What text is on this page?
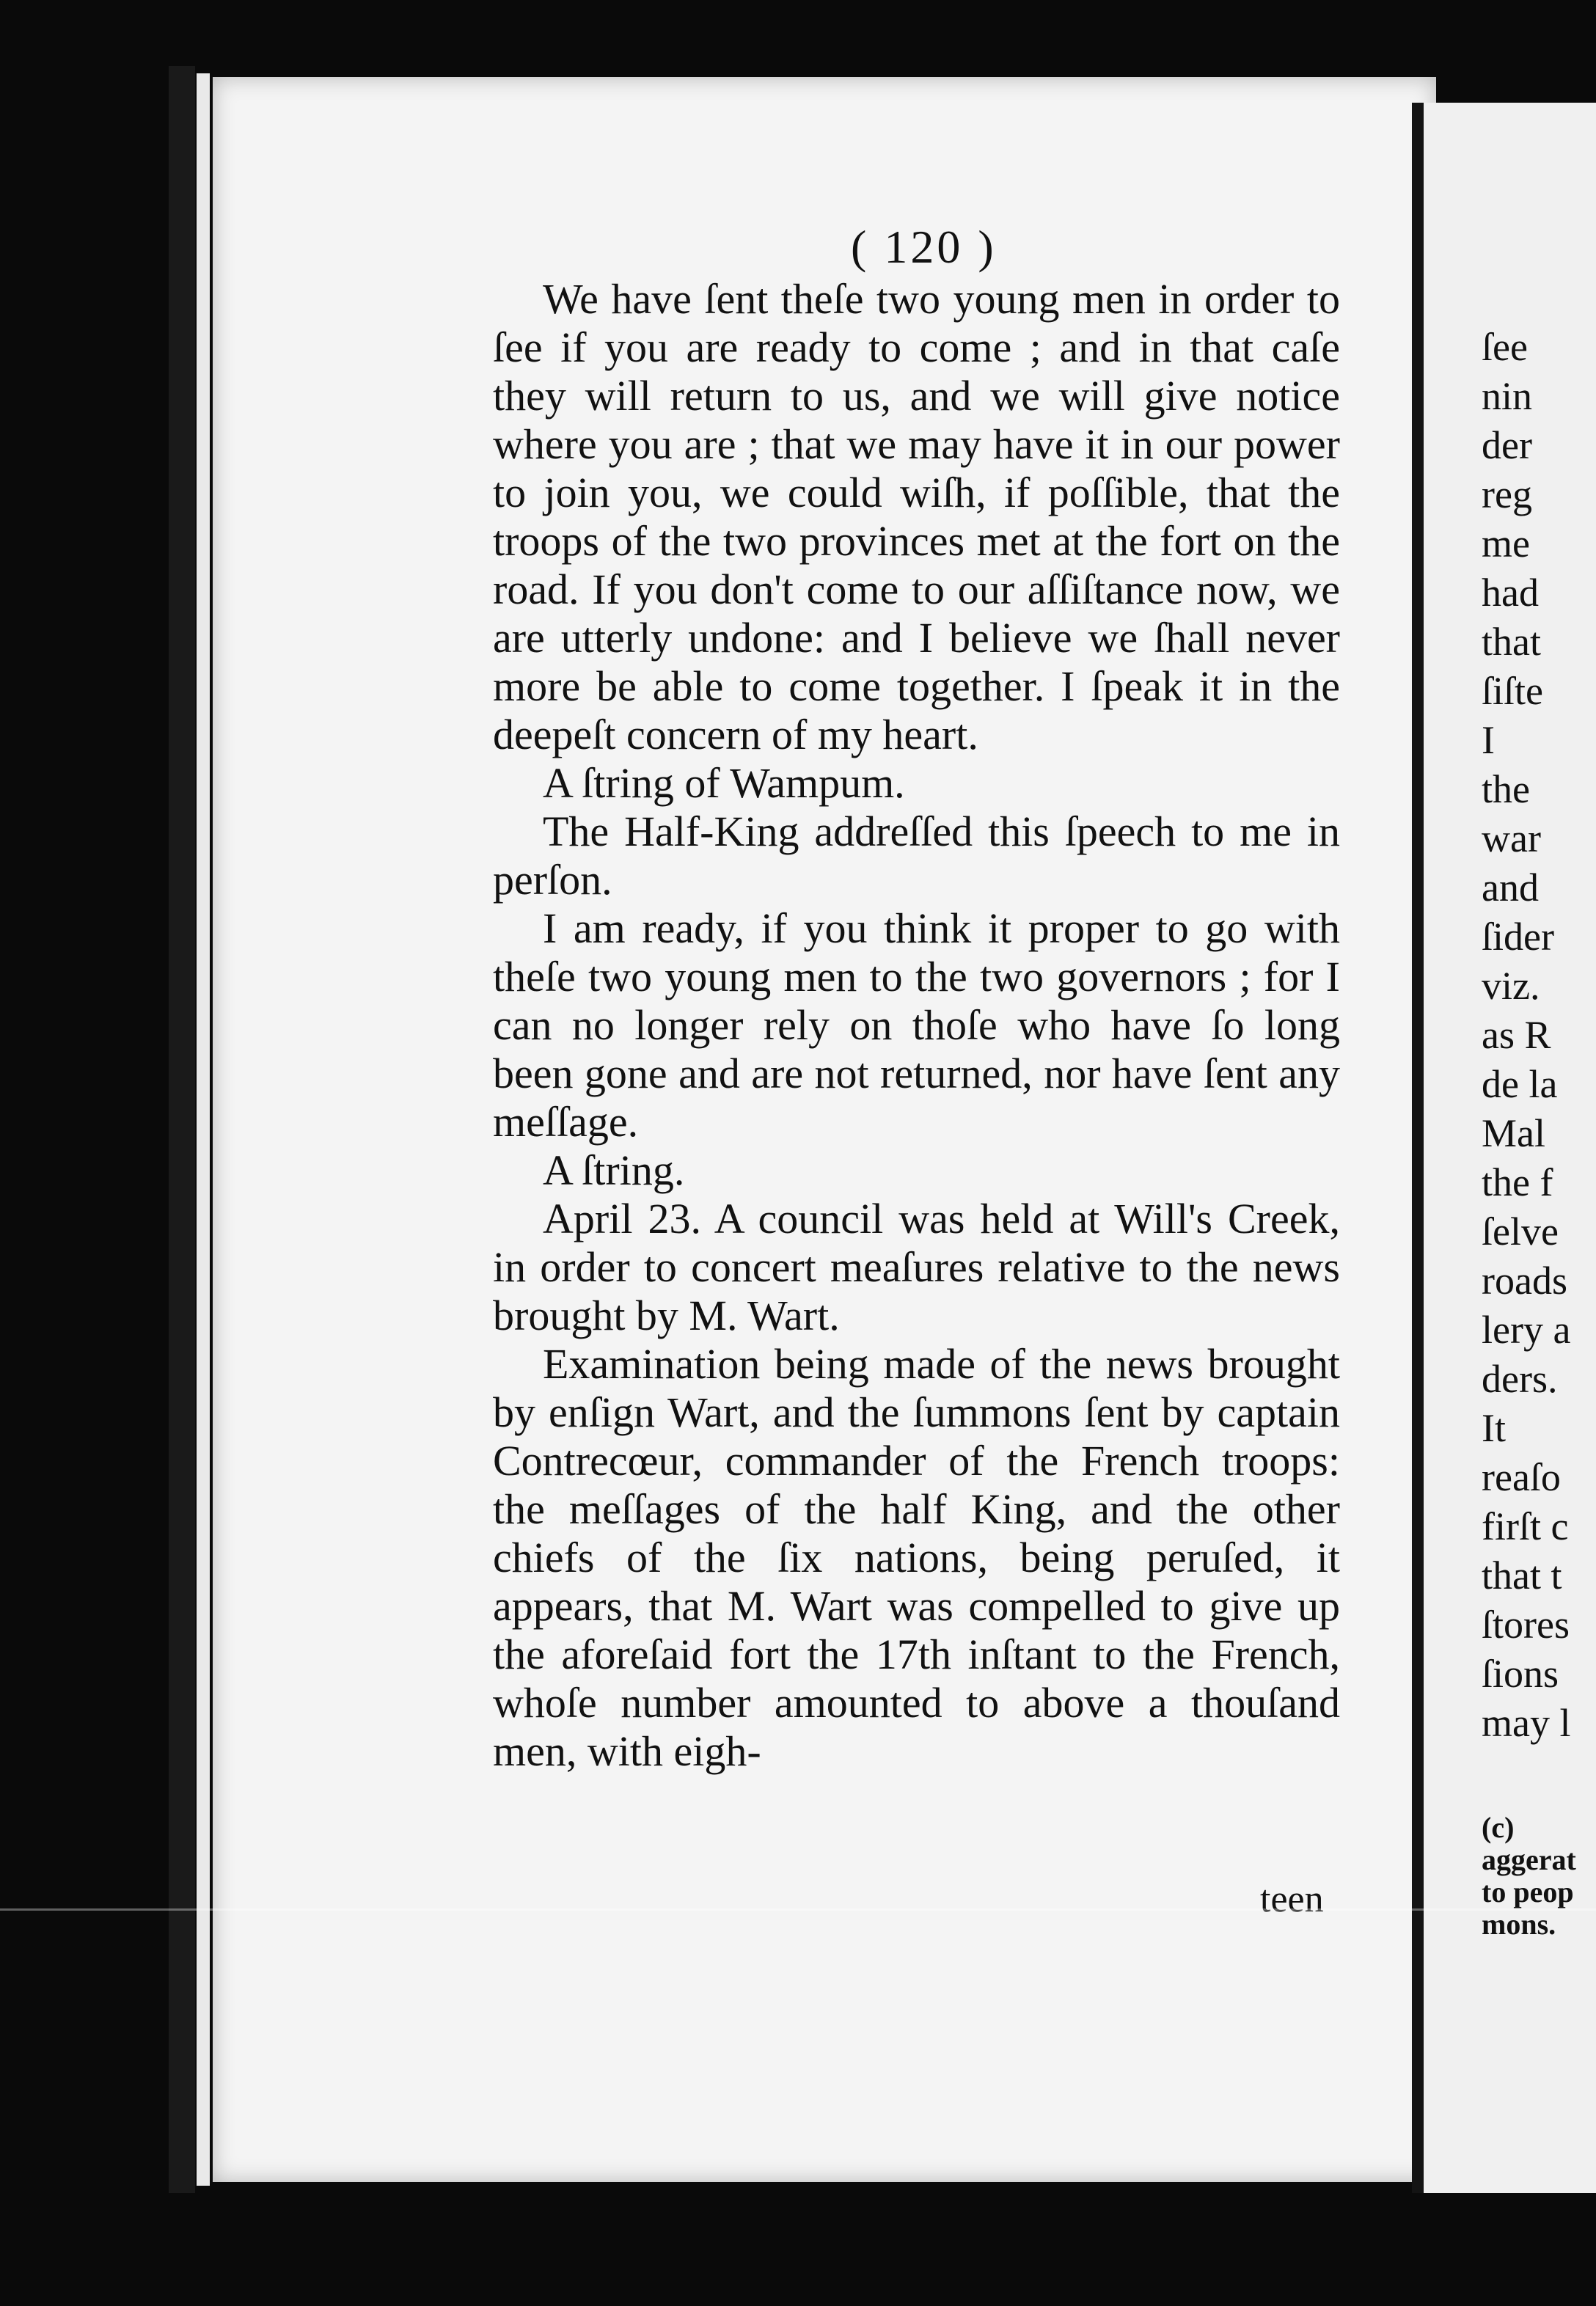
( 120 )

We have ſent theſe two young men in order to ſee if you are ready to come ; and in that caſe they will return to us, and we will give notice where you are ; that we may have it in our power to join you, we could wiſh, if poſſible, that the troops of the two provinces met at the fort on the road. If you don't come to our aſſiſtance now, we are utterly undone: and I believe we ſhall never more be able to come together. I ſpeak it in the deepeſt concern of my heart.

A ſtring of Wampum.

The Half-King addreſſed this ſpeech to me in perſon.

I am ready, if you think it proper to go with theſe two young men to the two governors ; for I can no longer rely on thoſe who have ſo long been gone and are not returned, nor have ſent any meſſage.

A ſtring.

April 23. A council was held at Will's Creek, in order to concert meaſures relative to the news brought by M. Wart.

Examination being made of the news brought by enſign Wart, and the ſummons ſent by captain Contrecœur, commander of the French troops: the meſſages of the half King, and the other chiefs of the ſix nations, being peruſed, it appears, that M. Wart was compelled to give up the aforeſaid fort the 17th inſtant to the French, whoſe number amounted to above a thouſand men, with eigh-

teen
ſee
nin
der
reg
me
had
that
ſiſte
I
the
war
and
ſider
viz.
as R
de la
Mal
the f
ſelve
roads
lery a
ders.
It
reaſo
firſt c
that t
ſtores
ſions
may l
(c)
aggerat
to peop
mons.
